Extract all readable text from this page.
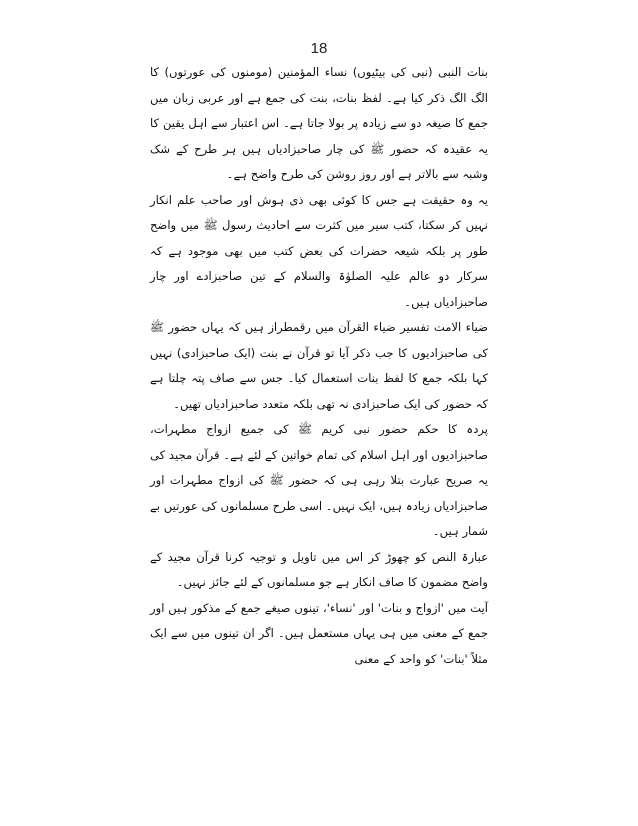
18

بنات النبی (نبی کی بیٹیوں) نساء المؤمنین (مومنوں کی عورتوں) کا الگ الگ ذکر کیا ہے۔ لفظ بنات، بنت کی جمع ہے اور عربی زبان میں جمع کا صیغہ دو سے زیادہ پر بولا جاتا ہے۔ اس اعتبار سے اہل یقین کا یہ عقیدہ کہ حضور ﷺ کی چار صاحبزادیاں ہیں ہر طرح کے شک وشبہ سے بالاتر ہے اور روز روشن کی طرح واضح ہے۔

یہ وہ حقیقت ہے جس کا کوئی بھی ذی ہوش اور صاحب علم انکار نہیں کر سکتا، کتب سیر میں کثرت سے احادیث رسول ﷺ میں واضح طور پر بلکہ شیعہ حضرات کی بعض کتب میں بھی موجود ہے کہ سرکار دو عالم علیہ الصلوٰۃ والسلام کے تین صاحبزادے اور چار صاحبزادیاں ہیں۔

ضیاء الامت تفسیر ضیاء القرآن میں رقمطراز ہیں کہ یہاں حضور ﷺ کی صاحبزادیوں کا جب ذکر آیا تو قرآن نے بنت (ایک صاحبزادی) نہیں کہا بلکہ جمع کا لفظ بنات استعمال کیا۔ جس سے صاف پتہ چلتا ہے کہ حضور کی ایک صاحبزادی نہ تھی بلکہ متعدد صاحبزادیاں تھیں۔

پردہ کا حکم حضور نبی کریم ﷺ کی جمیع ازواج مطہرات، صاحبزادیوں اور اہل اسلام کی تمام خواتین کے لئے ہے۔ قرآن مجید کی یہ صریح عبارت بتلا رہی ہی کہ حضور ﷺ کی ازواج مطہرات اور صاحبزادیاں زیادہ ہیں، ایک نہیں۔ اسی طرح مسلمانوں کی عورتیں بے شمار ہیں۔

عبارۃ النص کو چھوڑ کر اس میں تاویل و توجیہ کرنا قرآن مجید کے واضح مضمون کا صاف انکار ہے جو مسلمانوں کے لئے جائز نہیں۔

آیت میں 'ازواج و بنات' اور 'نساء'، تینوں صیغے جمع کے مذکور ہیں اور جمع کے معنی میں ہی یہاں مستعمل ہیں۔ اگر ان تینوں میں سے ایک مثلاً 'بنات' کو واحد کے معنی
